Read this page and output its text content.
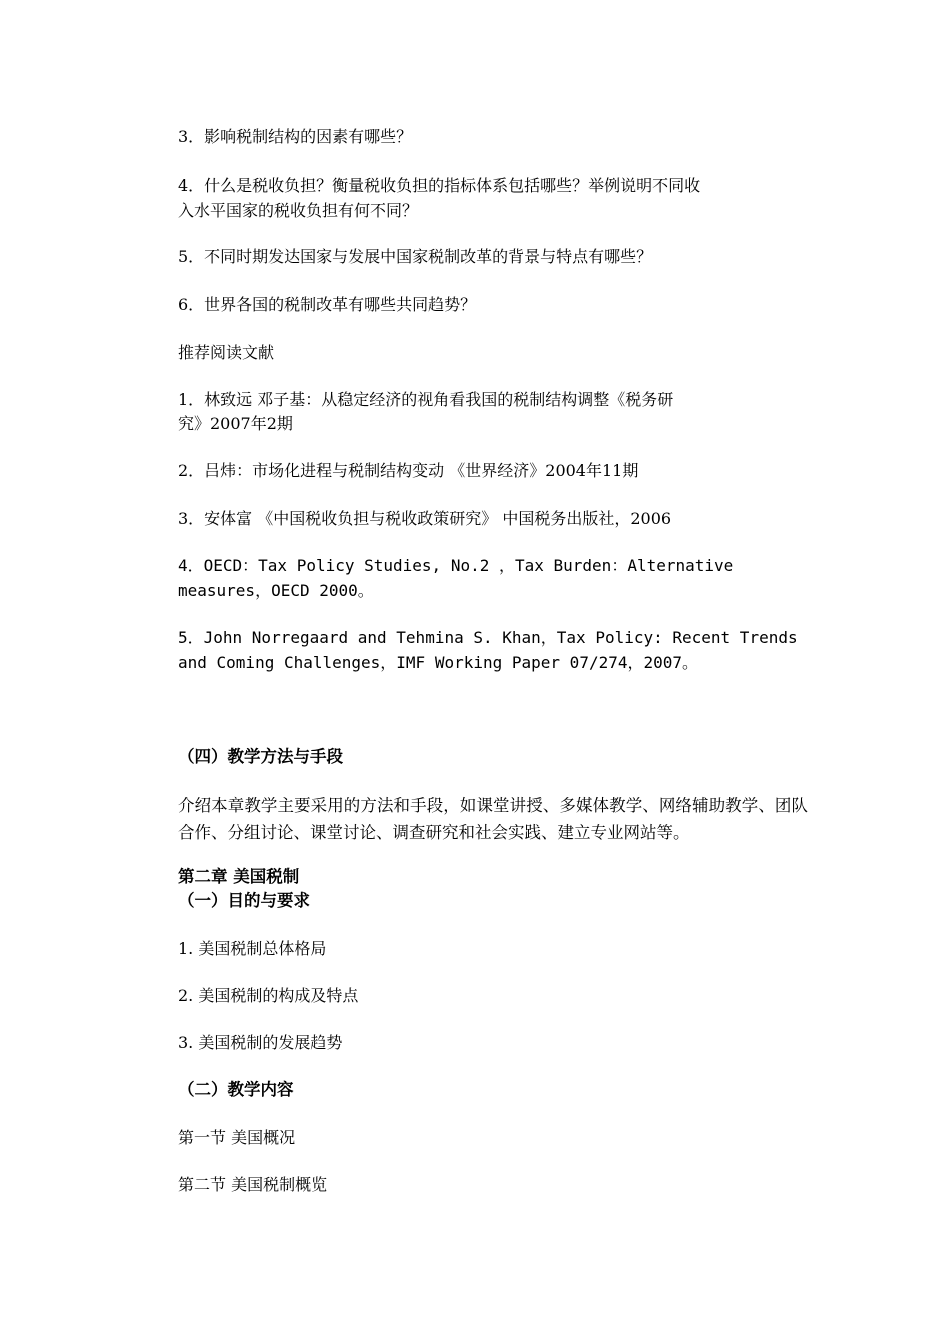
3．影响税制结构的因素有哪些？
4．什么是税收负担？衡量税收负担的指标体系包括哪些？举例说明不同收
入水平国家的税收负担有何不同？
5．不同时期发达国家与发展中国家税制改革的背景与特点有哪些？
6．世界各国的税制改革有哪些共同趋势？
推荐阅读文献
1．林致远 邓子基：从稳定经济的视角看我国的税制结构调整《税务研
究》2007年2期
2．吕炜：市场化进程与税制结构变动 《世界经济》2004年11期
3．安体富 《中国税收负担与税收政策研究》 中国税务出版社，2006
4．OECD：Tax Policy Studies, No.2 ，Tax Burden：Alternative
measures，OECD 2000。
5．John Norregaard and Tehmina S. Khan，Tax Policy: Recent Trends
and Coming Challenges，IMF Working Paper 07/274，2007。
（四）教学方法与手段
介绍本章教学主要采用的方法和手段，如课堂讲授、多媒体教学、网络辅助教学、团队合作、分组讨论、课堂讨论、调查研究和社会实践、建立专业网站等。
第二章 美国税制
（一）目的与要求
1. 美国税制总体格局
2. 美国税制的构成及特点
3. 美国税制的发展趋势
（二）教学内容
第一节 美国概况
第二节 美国税制概览
